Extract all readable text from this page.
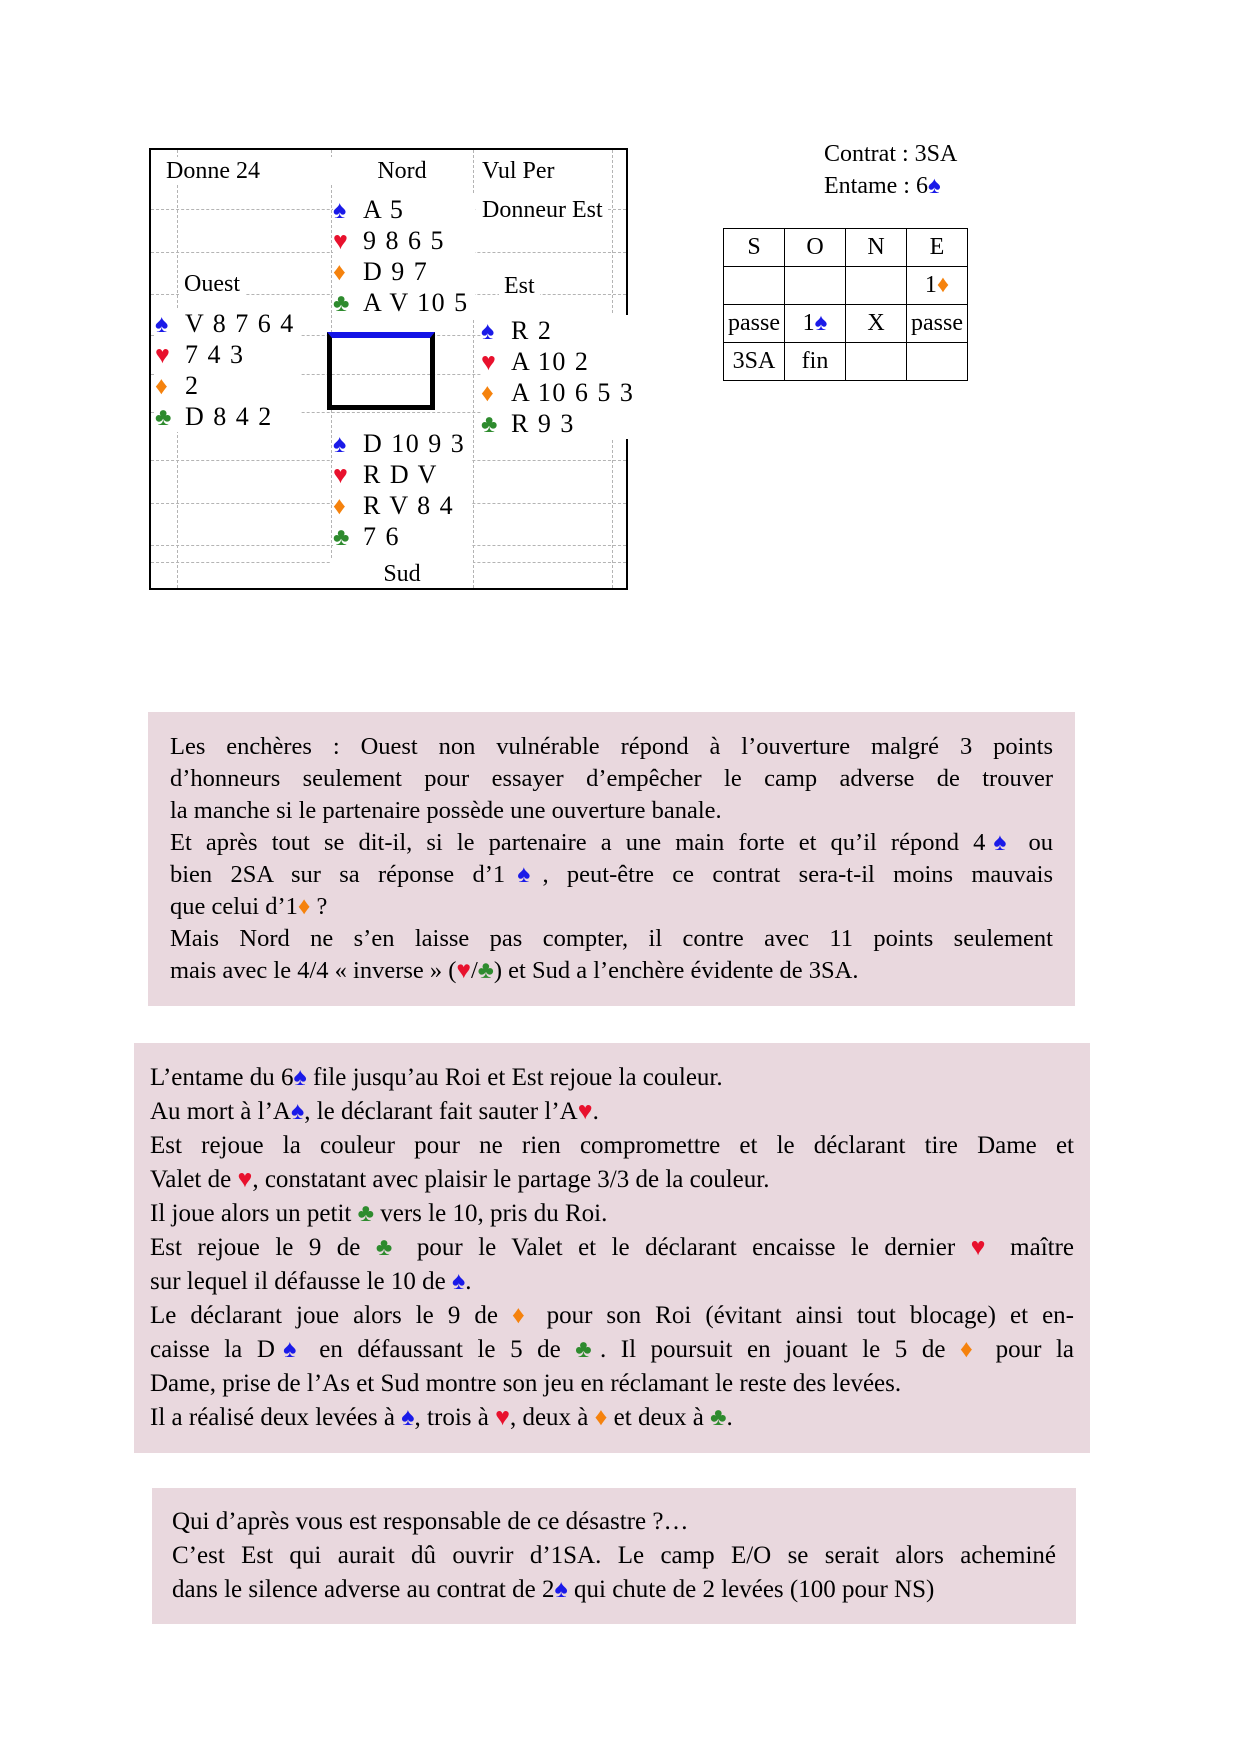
Donne 24	Nord	Vul Per
Donneur Est
Ouest	Est
Sud
♠ A 5
♥ 9 8 6 5
♦ D 9 7
♣ A V 10 5
♠ V 8 7 6 4
♥ 7 4 3
♦ 2
♣ D 8 4 2
♠ R 2
♥ A 10 2
♦ A 10 6 5 3
♣ R 9 3
♠ D 10 9 3
♥ R D V
♦ R V 8 4
♣ 7 6
Contrat : 3SA
Entame : 6♠
S	O	N	E
			1♦
passe	1♠	X	passe
3SA	fin		
Les enchères : Ouest non vulnérable répond à l’ouverture malgré 3 points
d’honneurs seulement pour essayer d’empêcher le camp adverse de trouver
la manche si le partenaire possède une ouverture banale.
Et après tout se dit-il, si le partenaire a une main forte et qu’il répond 4♠ ou
bien 2SA sur sa réponse d’1♠, peut-être ce contrat sera-t-il moins mauvais
que celui d’1♦ ?
Mais Nord ne s’en laisse pas compter, il contre avec 11 points seulement
mais avec le 4/4 « inverse » (♥/♣) et Sud a l’enchère évidente de 3SA.
L’entame du 6♠ file jusqu’au Roi et Est rejoue la couleur.
Au mort à l’A♠, le déclarant fait sauter l’A♥.
Est rejoue la couleur pour ne rien compromettre et le déclarant tire Dame et
Valet de ♥, constatant avec plaisir le partage 3/3 de la couleur.
Il joue alors un petit ♣ vers le 10, pris du Roi.
Est rejoue le 9 de ♣ pour le Valet et le déclarant encaisse le dernier ♥ maître
sur lequel il défausse le 10 de ♠.
Le déclarant joue alors le 9 de ♦ pour son Roi (évitant ainsi tout blocage) et en-
caisse la D♠ en défaussant le 5 de ♣. Il poursuit en jouant le 5 de ♦ pour la
Dame, prise de l’As et Sud montre son jeu en réclamant le reste des levées.
Il a réalisé deux levées à ♠, trois à ♥, deux à ♦ et deux à ♣.
Qui d’après vous est responsable de ce désastre ?…
C’est Est qui aurait dû ouvrir d’1SA. Le camp E/O se serait alors acheminé
dans le silence adverse au contrat de 2♠ qui chute de 2 levées (100 pour NS)
